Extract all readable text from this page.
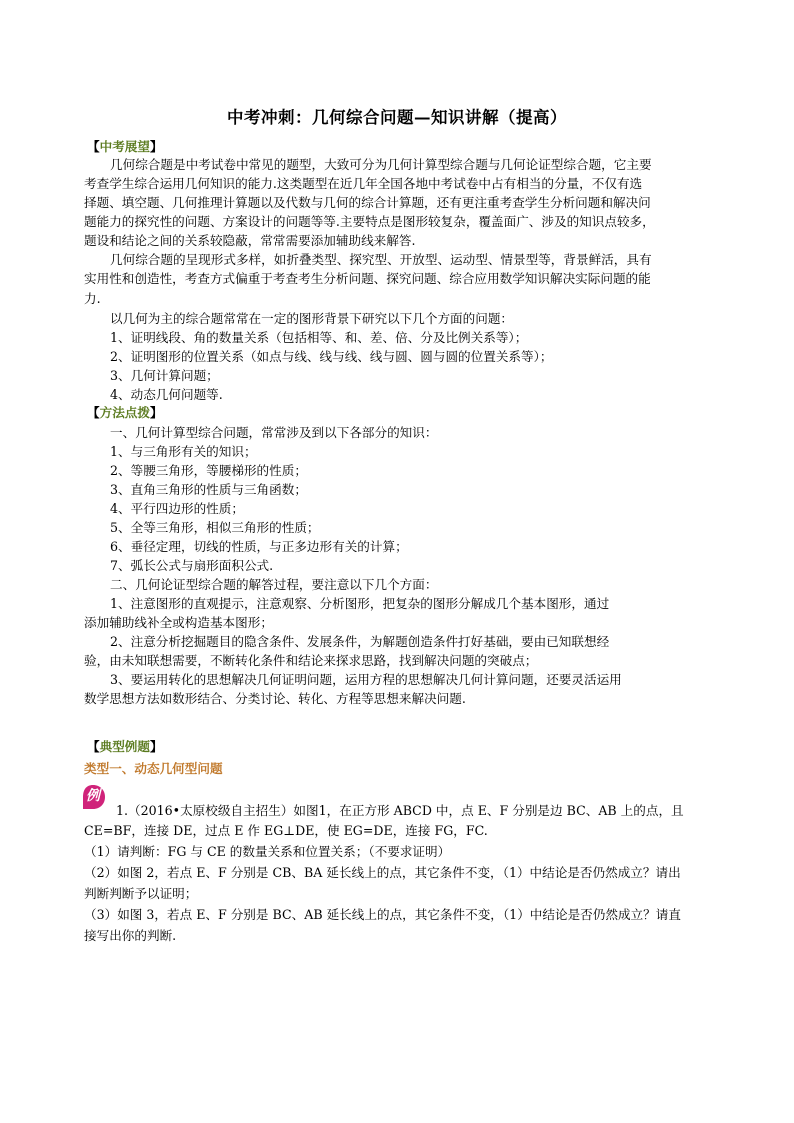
中考冲刺：几何综合问题—知识讲解（提高）
【中考展望】
几何综合题是中考试卷中常见的题型，大致可分为几何计算型综合题与几何论证型综合题，它主要
考查学生综合运用几何知识的能力.这类题型在近几年全国各地中考试卷中占有相当的分量，不仅有选
择题、填空题、几何推理计算题以及代数与几何的综合计算题，还有更注重考查学生分析问题和解决问
题能力的探究性的问题、方案设计的问题等等.主要特点是图形较复杂，覆盖面广、涉及的知识点较多，
题设和结论之间的关系较隐蔽，常常需要添加辅助线来解答.
几何综合题的呈现形式多样，如折叠类型、探究型、开放型、运动型、情景型等，背景鲜活，具有
实用性和创造性，考查方式偏重于考查考生分析问题、探究问题、综合应用数学知识解决实际问题的能
力.
以几何为主的综合题常常在一定的图形背景下研究以下几个方面的问题：
1、证明线段、角的数量关系（包括相等、和、差、倍、分及比例关系等）；
2、证明图形的位置关系（如点与线、线与线、线与圆、圆与圆的位置关系等）；
3、几何计算问题；
4、动态几何问题等.
【方法点拨】
一、几何计算型综合问题，常常涉及到以下各部分的知识：
1、与三角形有关的知识；
2、等腰三角形，等腰梯形的性质；
3、直角三角形的性质与三角函数；
4、平行四边形的性质；
5、全等三角形，相似三角形的性质；
6、垂径定理，切线的性质，与正多边形有关的计算；
7、弧长公式与扇形面积公式.
二、几何论证型综合题的解答过程，要注意以下几个方面：
1、注意图形的直观提示，注意观察、分析图形，把复杂的图形分解成几个基本图形，通过
添加辅助线补全或构造基本图形；
2、注意分析挖掘题目的隐含条件、发展条件，为解题创造条件打好基础，要由已知联想经
验，由未知联想需要，不断转化条件和结论来探求思路，找到解决问题的突破点；
3、要运用转化的思想解决几何证明问题，运用方程的思想解决几何计算问题，还要灵活运用
数学思想方法如数形结合、分类讨论、转化、方程等思想来解决问题.
【典型例题】
类型一、动态几何型问题
例
1.（2016•太原校级自主招生）如图1，在正方形 ABCD 中，点 E、F 分别是边 BC、AB 上的点，且
CE=BF，连接 DE，过点 E 作 EG⊥DE，使 EG=DE，连接 FG，FC.
（1）请判断：FG 与 CE 的数量关系和位置关系；（不要求证明）
（2）如图 2，若点 E、F 分别是 CB、BA 延长线上的点，其它条件不变，（1）中结论是否仍然成立？请出
判断判断予以证明；
（3）如图 3，若点 E、F 分别是 BC、AB 延长线上的点，其它条件不变，（1）中结论是否仍然成立？请直
接写出你的判断.
